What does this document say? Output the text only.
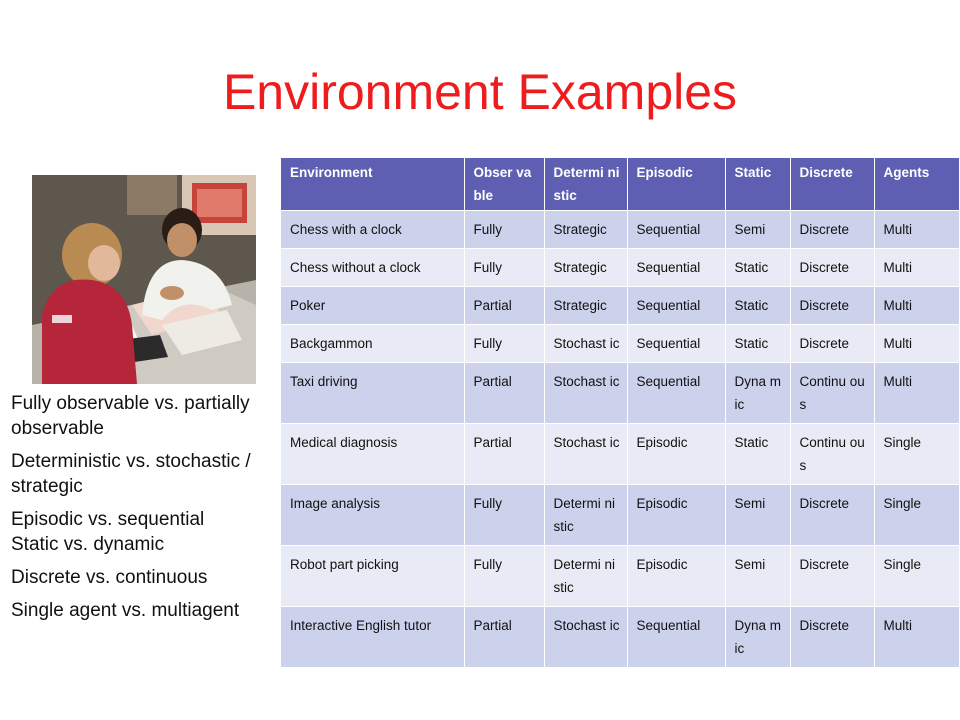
Environment Examples
Fully observable vs. partially observable
Deterministic vs. stochastic / strategic
Episodic vs. sequential
Static vs. dynamic
Discrete vs. continuous
Single agent vs. multiagent
Environment	Obser vable	Determi nistic	Episodic	Static	Discrete	Agents
Chess with a clock	Fully	Strategic	Sequential	Semi	Discrete	Multi
Chess without a clock	Fully	Strategic	Sequential	Static	Discrete	Multi
Poker	Partial	Strategic	Sequential	Static	Discrete	Multi
Backgammon	Fully	Stochast ic	Sequential	Static	Discrete	Multi
Taxi driving	Partial	Stochast ic	Sequential	Dyna mic	Continu ous	Multi
Medical diagnosis	Partial	Stochast ic	Episodic	Static	Continu ous	Single
Image analysis	Fully	Determi nistic	Episodic	Semi	Discrete	Single
Robot part picking	Fully	Determi nistic	Episodic	Semi	Discrete	Single
Interactive English tutor	Partial	Stochast ic	Sequential	Dyna mic	Discrete	Multi
